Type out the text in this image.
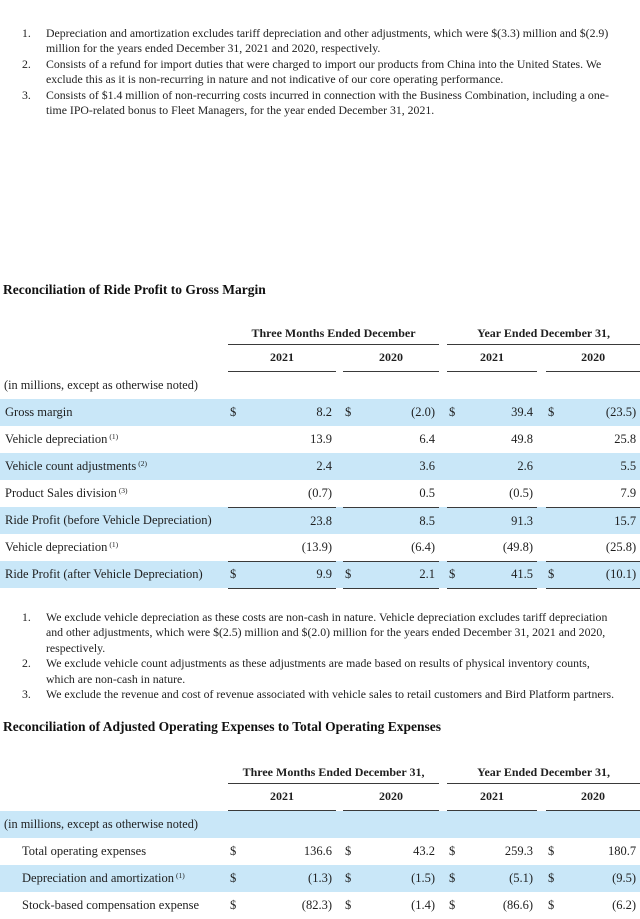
1.	Depreciation and amortization excludes tariff depreciation and other adjustments, which were $(3.3) million and $(2.9) million for the years ended December 31, 2021 and 2020, respectively.
2.	Consists of a refund for import duties that were charged to import our products from China into the United States. We exclude this as it is non-recurring in nature and not indicative of our core operating performance.
3.	Consists of $1.4 million of non-recurring costs incurred in connection with the Business Combination, including a one-time IPO-related bonus to Fleet Managers, for the year ended December 31, 2021.
Reconciliation of Ride Profit to Gross Margin
	Three Months Ended December						Year Ended December 31,				
	2021			2020			2021			2020	
(in millions, except as otherwise noted)											
Gross margin	$	8.2		$	(2.0)		$	39.4		$	(23.5)
Vehicle depreciation $^{(1)}$		13.9			6.4			49.8			25.8
Vehicle count adjustments $^{(2)}$		2.4			3.6			2.6			5.5
Product Sales division $^{(3)}$		(0.7)			0.5			(0.5)			7.9
Ride Profit (before Vehicle Depreciation)		23.8			8.5			91.3			15.7
Vehicle depreciation $^{(1)}$		(13.9)			(6.4)			(49.8)			(25.8)
Ride Profit (after Vehicle Depreciation)	$	9.9		$	2.1		$	41.5		$	(10.1)
1.	We exclude vehicle depreciation as these costs are non-cash in nature. Vehicle depreciation excludes tariff depreciation and other adjustments, which were $(2.5) million and $(2.0) million for the years ended December 31, 2021 and 2020, respectively.
2.	We exclude vehicle count adjustments as these adjustments are made based on results of physical inventory counts, which are non-cash in nature.
3.	We exclude the revenue and cost of revenue associated with vehicle sales to retail customers and Bird Platform partners.
Reconciliation of Adjusted Operating Expenses to Total Operating Expenses
	Three Months Ended December 31,						Year Ended December 31,				
	2021			2020			2021			2020	
(in millions, except as otherwise noted)											
Total operating expenses	$	136.6		$	43.2		$	259.3		$	180.7
Depreciation and amortization $^{(1)}$	$	(1.3)		$	(1.5)		$	(5.1)		$	(9.5)
Stock-based compensation expense	$	(82.3)		$	(1.4)		$	(86.6)		$	(6.2)
